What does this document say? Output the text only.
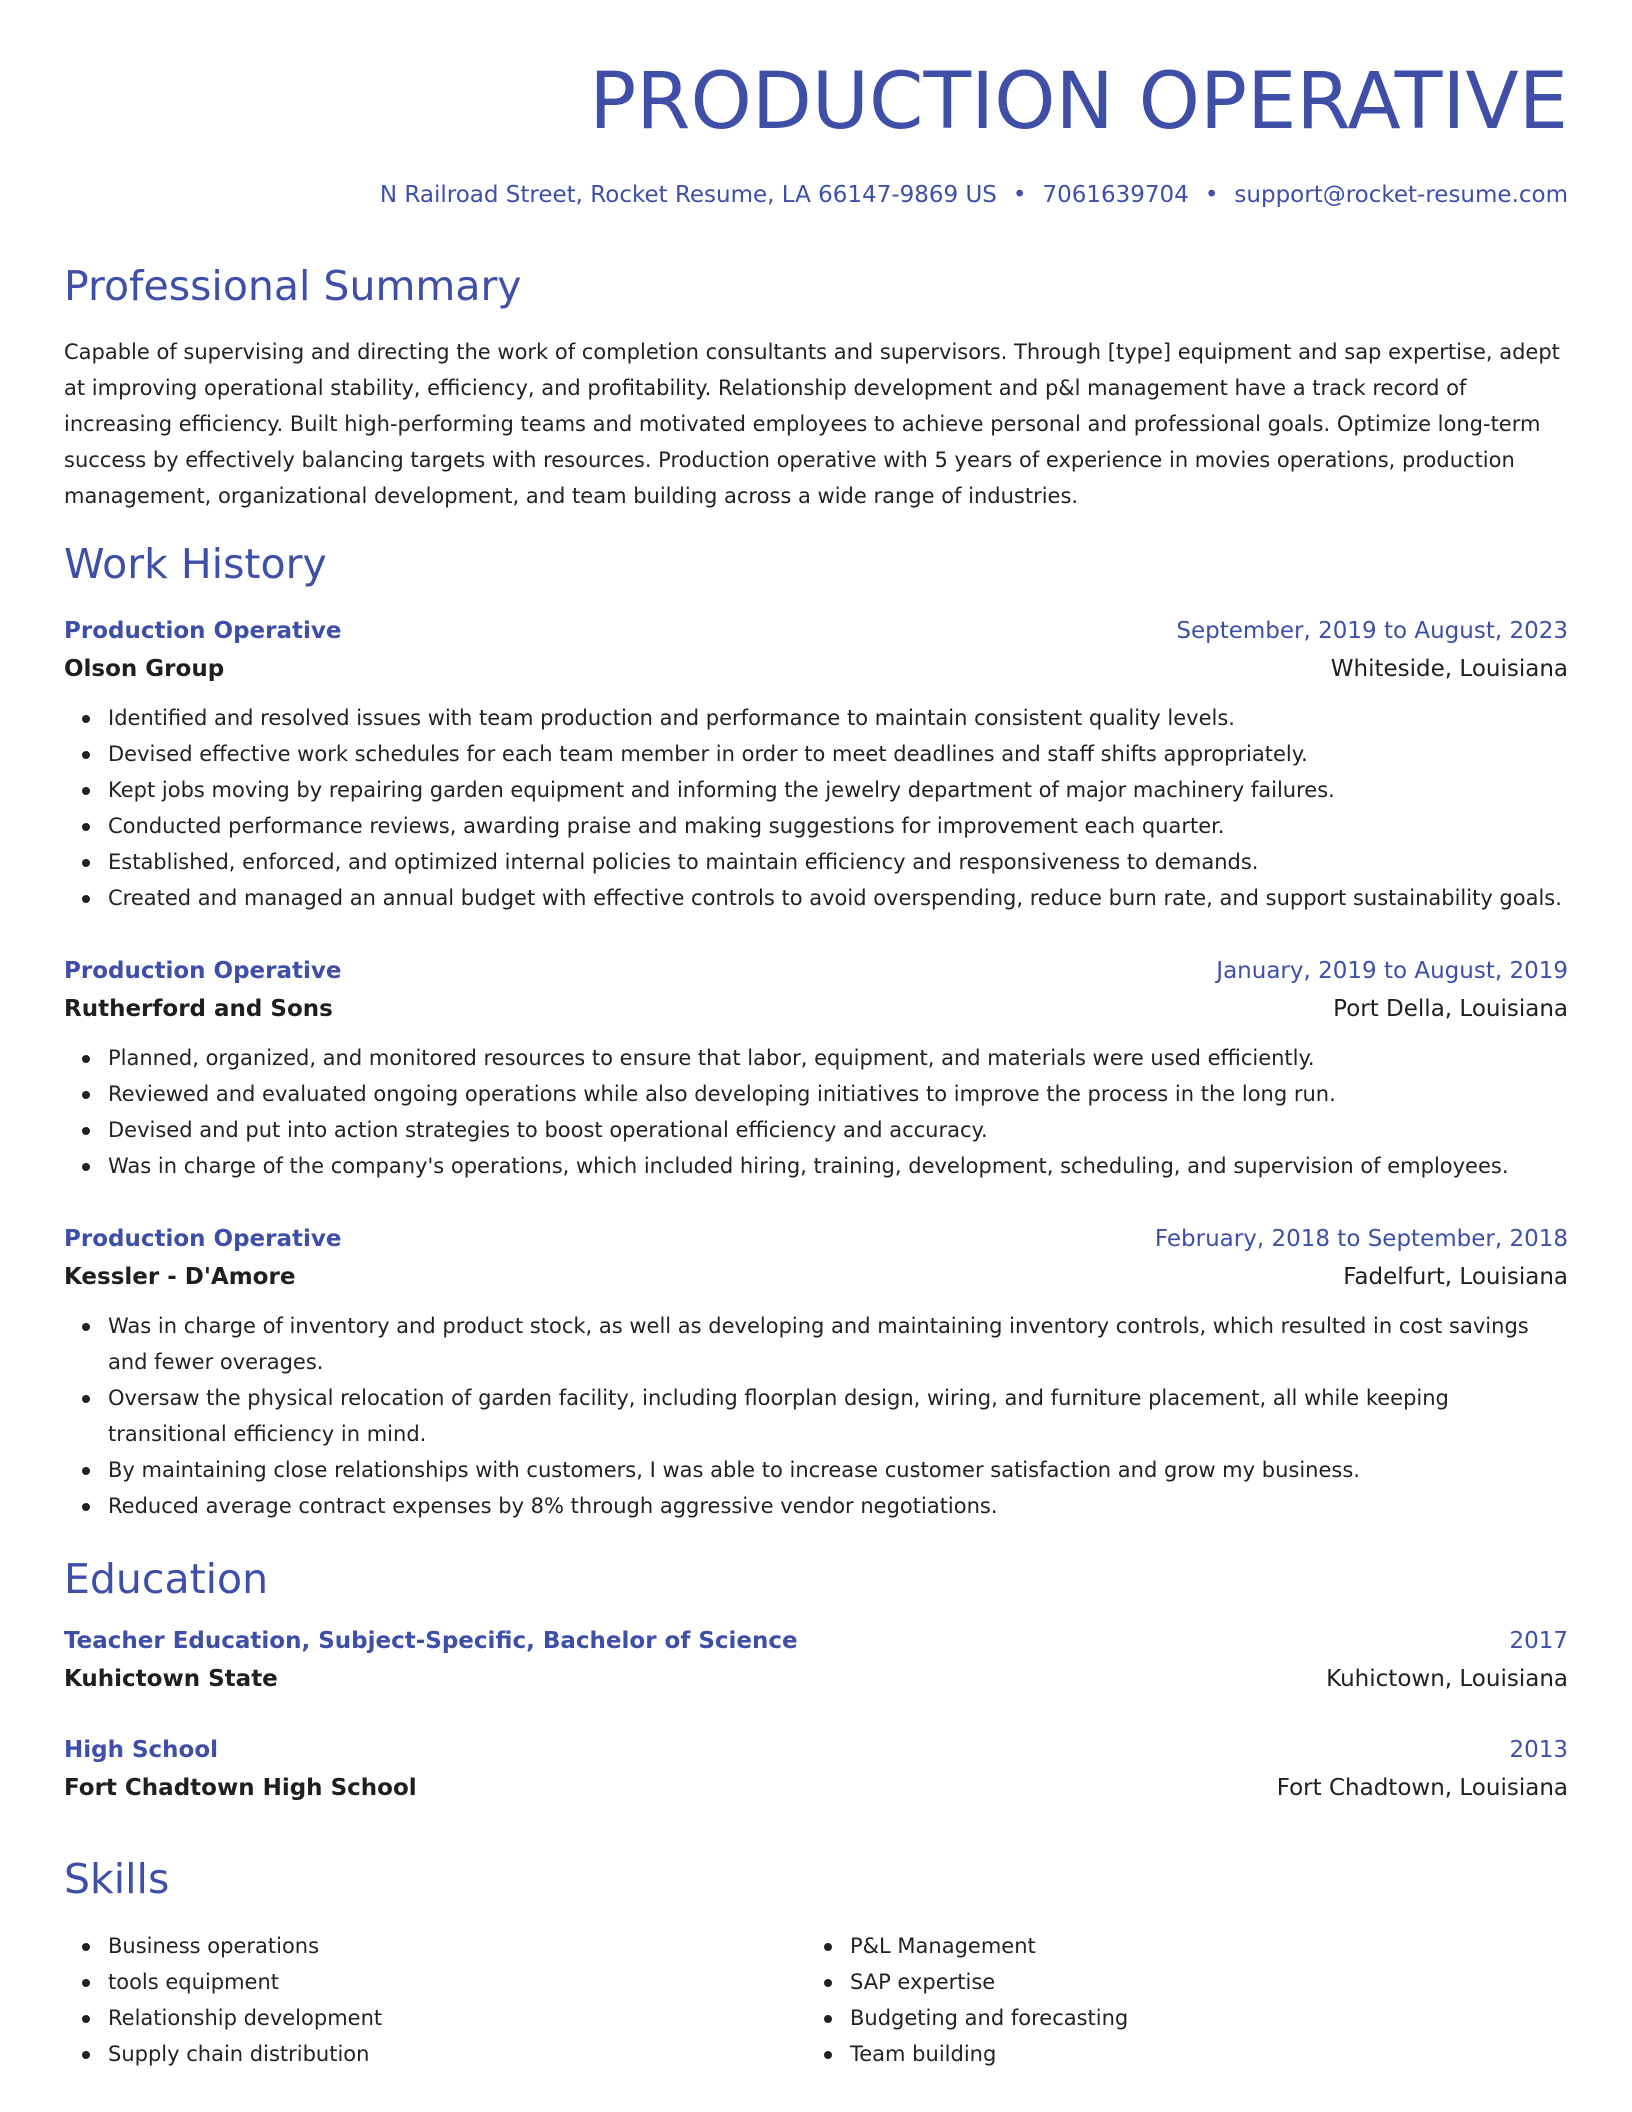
PRODUCTION OPERATIVE
N Railroad Street, Rocket Resume, LA 66147-9869 US • 7061639704 • support@rocket-resume.com
Professional Summary

Capable of supervising and directing the work of completion consultants and supervisors. Through [type] equipment and sap expertise, adept at improving operational stability, efficiency, and profitability. Relationship development and p&l management have a track record of increasing efficiency. Built high-performing teams and motivated employees to achieve personal and professional goals. Optimize long-term success by effectively balancing targets with resources. Production operative with 5 years of experience in movies operations, production management, organizational development, and team building across a wide range of industries.

Work History
Production Operative	September, 2019 to August, 2023
Olson Group	Whiteside, Louisiana
Identified and resolved issues with team production and performance to maintain consistent quality levels.
Devised effective work schedules for each team member in order to meet deadlines and staff shifts appropriately.
Kept jobs moving by repairing garden equipment and informing the jewelry department of major machinery failures.
Conducted performance reviews, awarding praise and making suggestions for improvement each quarter.
Established, enforced, and optimized internal policies to maintain efficiency and responsiveness to demands.
Created and managed an annual budget with effective controls to avoid overspending, reduce burn rate, and support sustainability goals.
Production Operative	January, 2019 to August, 2019
Rutherford and Sons	Port Della, Louisiana
Planned, organized, and monitored resources to ensure that labor, equipment, and materials were used efficiently.
Reviewed and evaluated ongoing operations while also developing initiatives to improve the process in the long run.
Devised and put into action strategies to boost operational efficiency and accuracy.
Was in charge of the company's operations, which included hiring, training, development, scheduling, and supervision of employees.
Production Operative	February, 2018 to September, 2018
Kessler - D'Amore	Fadelfurt, Louisiana
Was in charge of inventory and product stock, as well as developing and maintaining inventory controls, which resulted in cost savings and fewer overages.
Oversaw the physical relocation of garden facility, including floorplan design, wiring, and furniture placement, all while keeping transitional efficiency in mind.
By maintaining close relationships with customers, I was able to increase customer satisfaction and grow my business.
Reduced average contract expenses by 8% through aggressive vendor negotiations.
Education
Teacher Education, Subject-Specific, Bachelor of Science	2017
Kuhictown State	Kuhictown, Louisiana
High School	2013
Fort Chadtown High School	Fort Chadtown, Louisiana
Skills
Business operations
tools equipment
Relationship development
Supply chain distribution
P&L Management
SAP expertise
Budgeting and forecasting
Team building
